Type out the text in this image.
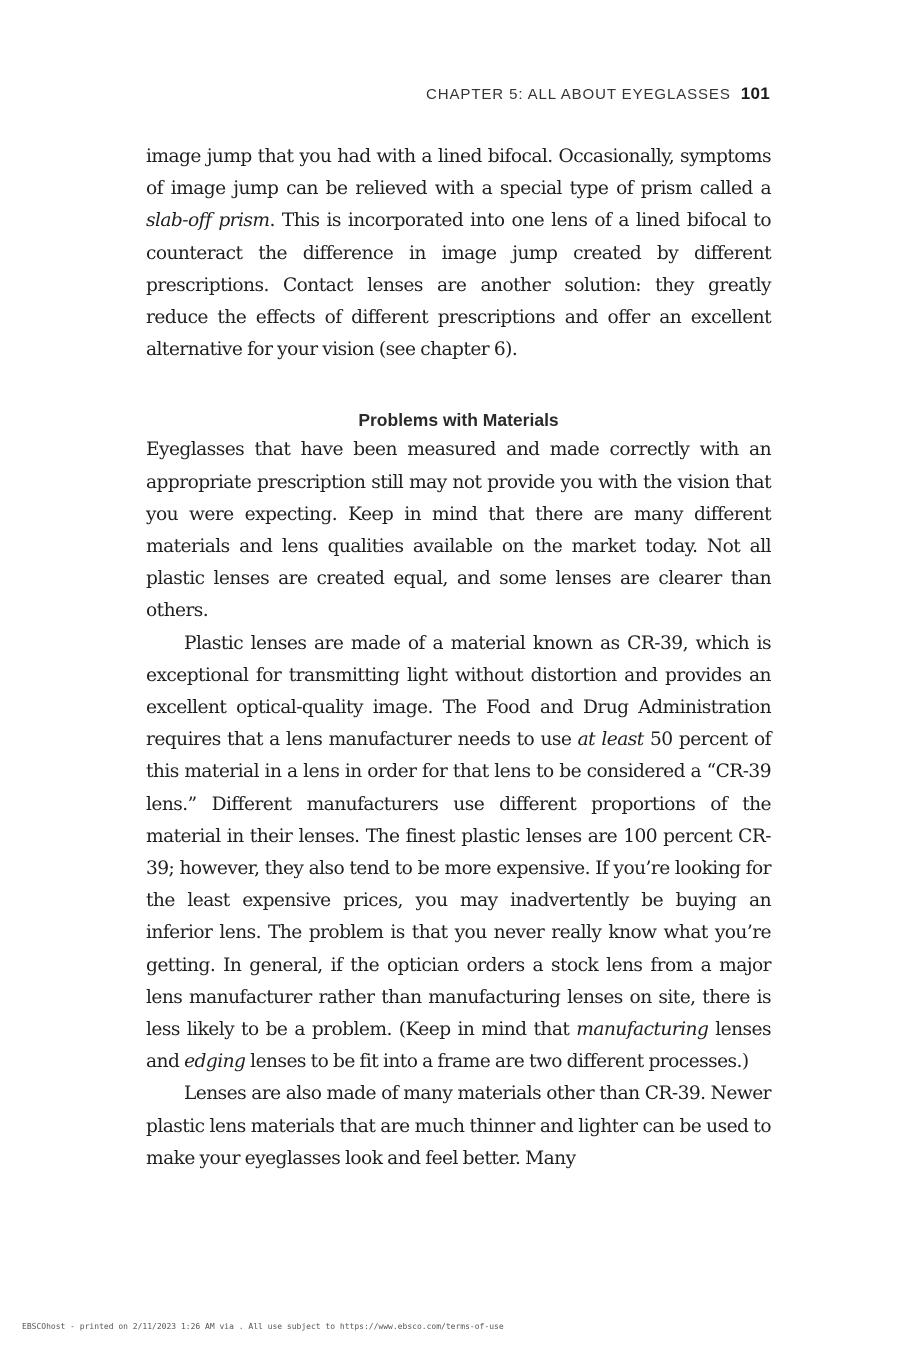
CHAPTER 5: ALL ABOUT EYEGLASSES 101

image jump that you had with a lined bifocal. Occasionally, symptoms of image jump can be relieved with a special type of prism called a slab-off prism. This is incorporated into one lens of a lined bifocal to counteract the difference in image jump created by different prescriptions. Contact lenses are another solution: they greatly reduce the effects of different prescriptions and offer an excellent alternative for your vision (see chapter 6).

Problems with Materials

Eyeglasses that have been measured and made correctly with an appropriate prescription still may not provide you with the vision that you were expecting. Keep in mind that there are many different materials and lens qualities available on the market today. Not all plastic lenses are created equal, and some lenses are clearer than others.

Plastic lenses are made of a material known as CR-39, which is exceptional for transmitting light without distortion and provides an excellent optical-quality image. The Food and Drug Administration requires that a lens manufacturer needs to use at least 50 percent of this material in a lens in order for that lens to be considered a “CR-39 lens.” Different manufacturers use different proportions of the material in their lenses. The finest plastic lenses are 100 percent CR-39; however, they also tend to be more expensive. If you’re looking for the least expensive prices, you may inadvertently be buying an inferior lens. The problem is that you never really know what you’re getting. In general, if the optician orders a stock lens from a major lens manufacturer rather than manufacturing lenses on site, there is less likely to be a problem. (Keep in mind that manufacturing lenses and edging lenses to be fit into a frame are two different processes.)

Lenses are also made of many materials other than CR-39. Newer plastic lens materials that are much thinner and lighter can be used to make your eyeglasses look and feel better. Many

EBSCOhost - printed on 2/11/2023 1:26 AM via . All use subject to https://www.ebsco.com/terms-of-use
